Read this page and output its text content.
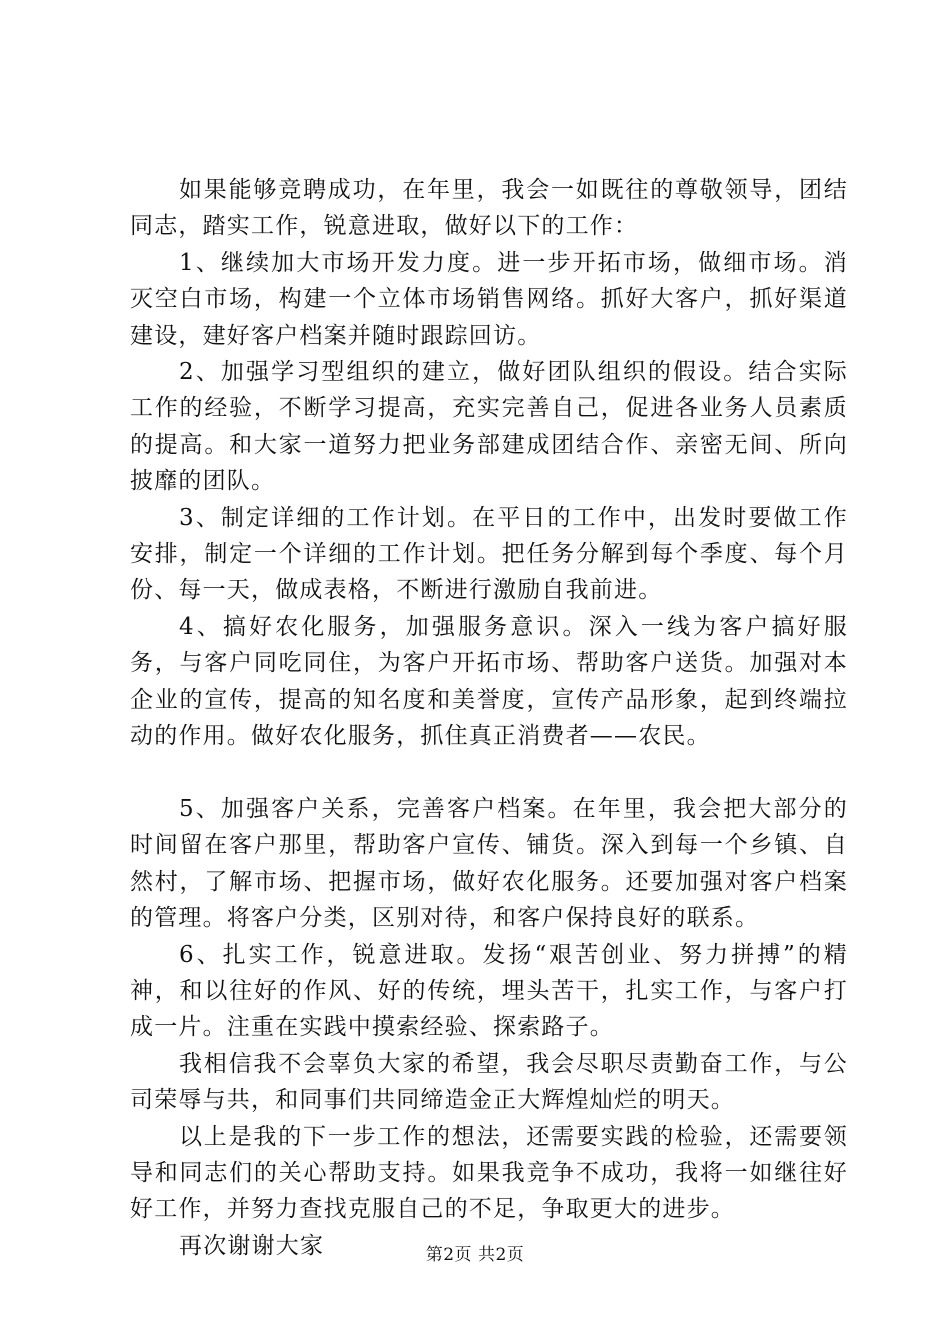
如果能够竞聘成功，在年里，我会一如既往的尊敬领导，团结同志，踏实工作，锐意进取，做好以下的工作：

1、继续加大市场开发力度。进一步开拓市场，做细市场。消灭空白市场，构建一个立体市场销售网络。抓好大客户，抓好渠道建设，建好客户档案并随时跟踪回访。

2、加强学习型组织的建立，做好团队组织的假设。结合实际工作的经验，不断学习提高，充实完善自己，促进各业务人员素质的提高。和大家一道努力把业务部建成团结合作、亲密无间、所向披靡的团队。

3、制定详细的工作计划。在平日的工作中，出发时要做工作安排，制定一个详细的工作计划。把任务分解到每个季度、每个月份、每一天，做成表格，不断进行激励自我前进。

4、搞好农化服务，加强服务意识。深入一线为客户搞好服务，与客户同吃同住，为客户开拓市场、帮助客户送货。加强对本企业的宣传，提高的知名度和美誉度，宣传产品形象，起到终端拉动的作用。做好农化服务，抓住真正消费者——农民。

5、加强客户关系，完善客户档案。在年里，我会把大部分的时间留在客户那里，帮助客户宣传、铺货。深入到每一个乡镇、自然村，了解市场、把握市场，做好农化服务。还要加强对客户档案的管理。将客户分类，区别对待，和客户保持良好的联系。

6、扎实工作，锐意进取。发扬“艰苦创业、努力拼搏”的精神，和以往好的作风、好的传统，埋头苦干，扎实工作，与客户打成一片。注重在实践中摸索经验、探索路子。

我相信我不会辜负大家的希望，我会尽职尽责勤奋工作，与公司荣辱与共，和同事们共同缔造金正大辉煌灿烂的明天。

以上是我的下一步工作的想法，还需要实践的检验，还需要领导和同志们的关心帮助支持。如果我竞争不成功，我将一如继往好好工作，并努力查找克服自己的不足，争取更大的进步。

再次谢谢大家	第2页 共2页
